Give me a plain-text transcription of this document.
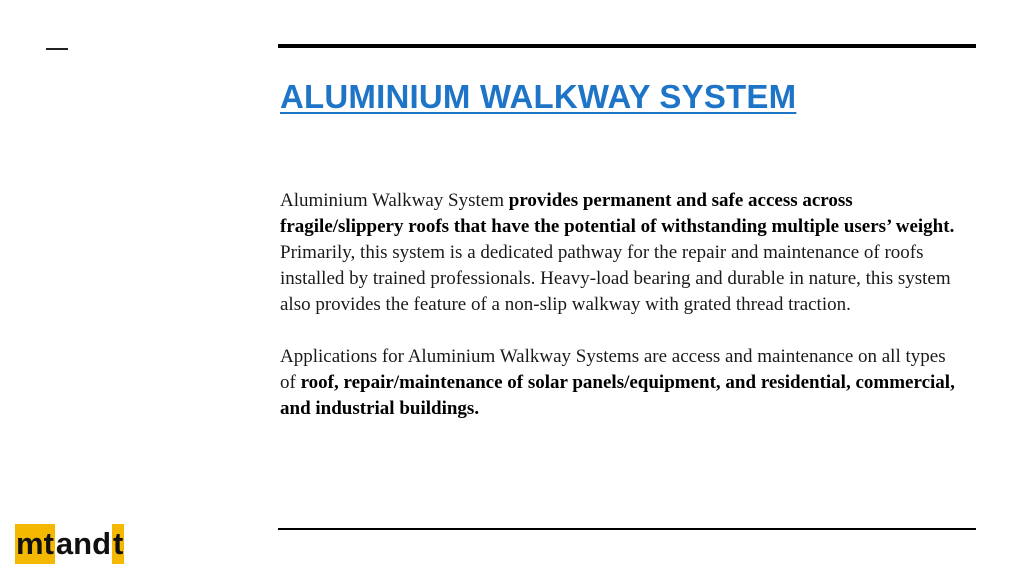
ALUMINIUM WALKWAY SYSTEM

Aluminium Walkway System provides permanent and safe access across fragile/slippery roofs that have the potential of withstanding multiple users’ weight. Primarily, this system is a dedicated pathway for the repair and maintenance of roofs installed by trained professionals. Heavy-load bearing and durable in nature, this system also provides the feature of a non-slip walkway with grated thread traction.

Applications for Aluminium Walkway Systems are access and maintenance on all types of roof, repair/maintenance of solar panels/equipment, and residential, commercial, and industrial buildings.

mt and t
